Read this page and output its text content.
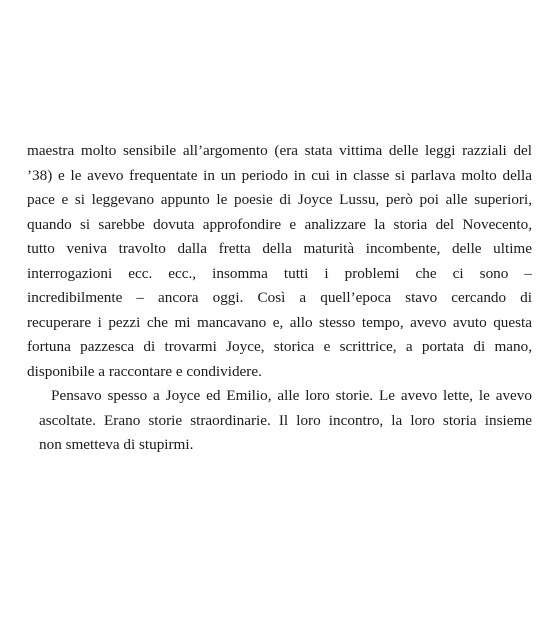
maestra molto sensibile all’argomento (era stata vittima delle leggi razziali del
’38) e le avevo frequentate in un periodo in cui in classe si parlava molto della
pace e si leggevano appunto le poesie di Joyce Lussu, però poi alle superiori,
quando si sarebbe dovuta approfondire e analizzare la storia del Novecento,
tutto veniva travolto dalla fretta della maturità incombente, delle ultime
interrogazioni ecc. ecc., insomma tutti i problemi che ci sono –
incredibilmente – ancora oggi. Così a quell’epoca stavo cercando di
recuperare i pezzi che mi mancavano e, allo stesso tempo, avevo avuto questa
fortuna pazzesca di trovarmi Joyce, storica e scrittrice, a portata di mano,
disponibile a raccontare e condividere.

Pensavo spesso a Joyce ed Emilio, alle loro storie. Le avevo lette, le avevo
ascoltate. Erano storie straordinarie. Il loro incontro, la loro storia insieme
non smetteva di stupirmi.
